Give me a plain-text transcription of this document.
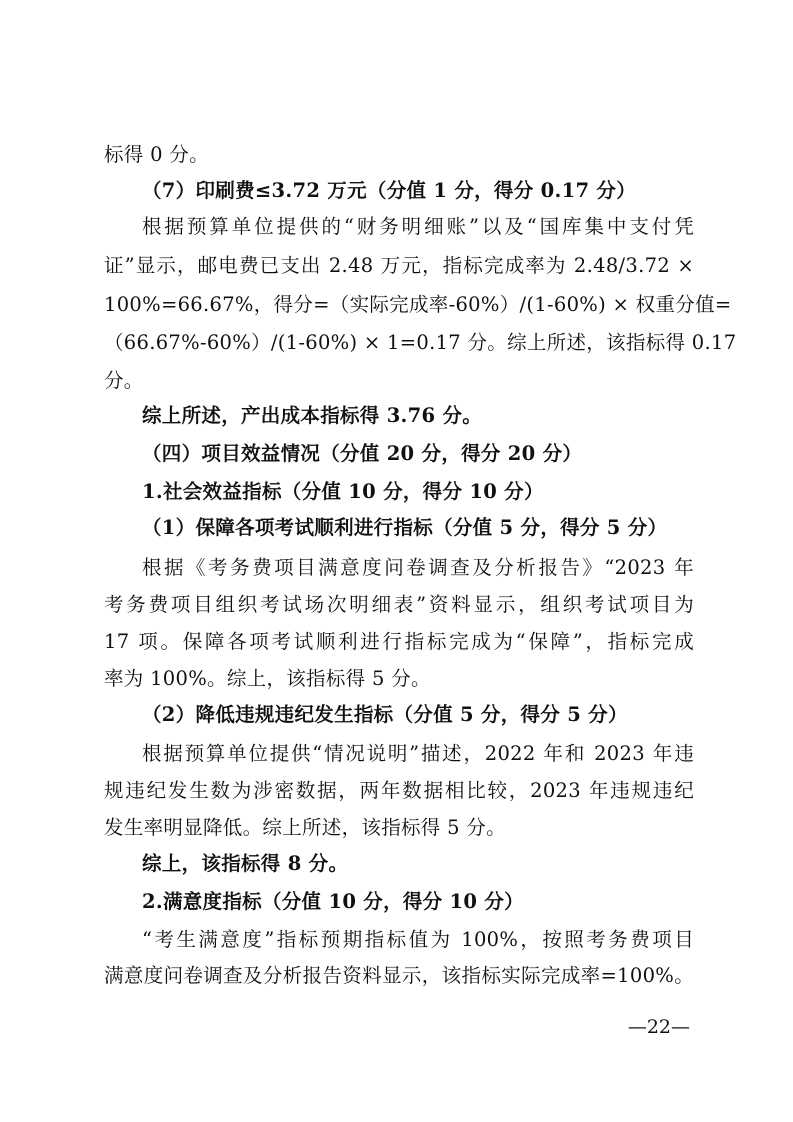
标得 0 分。
（7）印刷费≤3.72 万元（分值 1 分，得分 0.17 分）
根据预算单位提供的“财务明细账”以及“国库集中支付凭
证”显示，邮电费已支出 2.48 万元，指标完成率为 2.48/3.72 ×
100%=66.67%，得分=（实际完成率-60%）/(1-60%) × 权重分值=
（66.67%-60%）/(1-60%) × 1=0.17 分。综上所述，该指标得 0.17
分。
综上所述，产出成本指标得 3.76 分。
（四）项目效益情况（分值 20 分，得分 20 分）
1.社会效益指标（分值 10 分，得分 10 分）
（1）保障各项考试顺利进行指标（分值 5 分，得分 5 分）
根据《考务费项目满意度问卷调查及分析报告》“2023 年
考务费项目组织考试场次明细表”资料显示，组织考试项目为
17 项。保障各项考试顺利进行指标完成为“保障”，指标完成
率为 100%。综上，该指标得 5 分。
（2）降低违规违纪发生指标（分值 5 分，得分 5 分）
根据预算单位提供“情况说明”描述，2022 年和 2023 年违
规违纪发生数为涉密数据，两年数据相比较，2023 年违规违纪
发生率明显降低。综上所述，该指标得 5 分。
综上，该指标得 8 分。
2.满意度指标（分值 10 分，得分 10 分）
“考生满意度”指标预期指标值为 100%，按照考务费项目
满意度问卷调查及分析报告资料显示，该指标实际完成率=100%。
—22—
